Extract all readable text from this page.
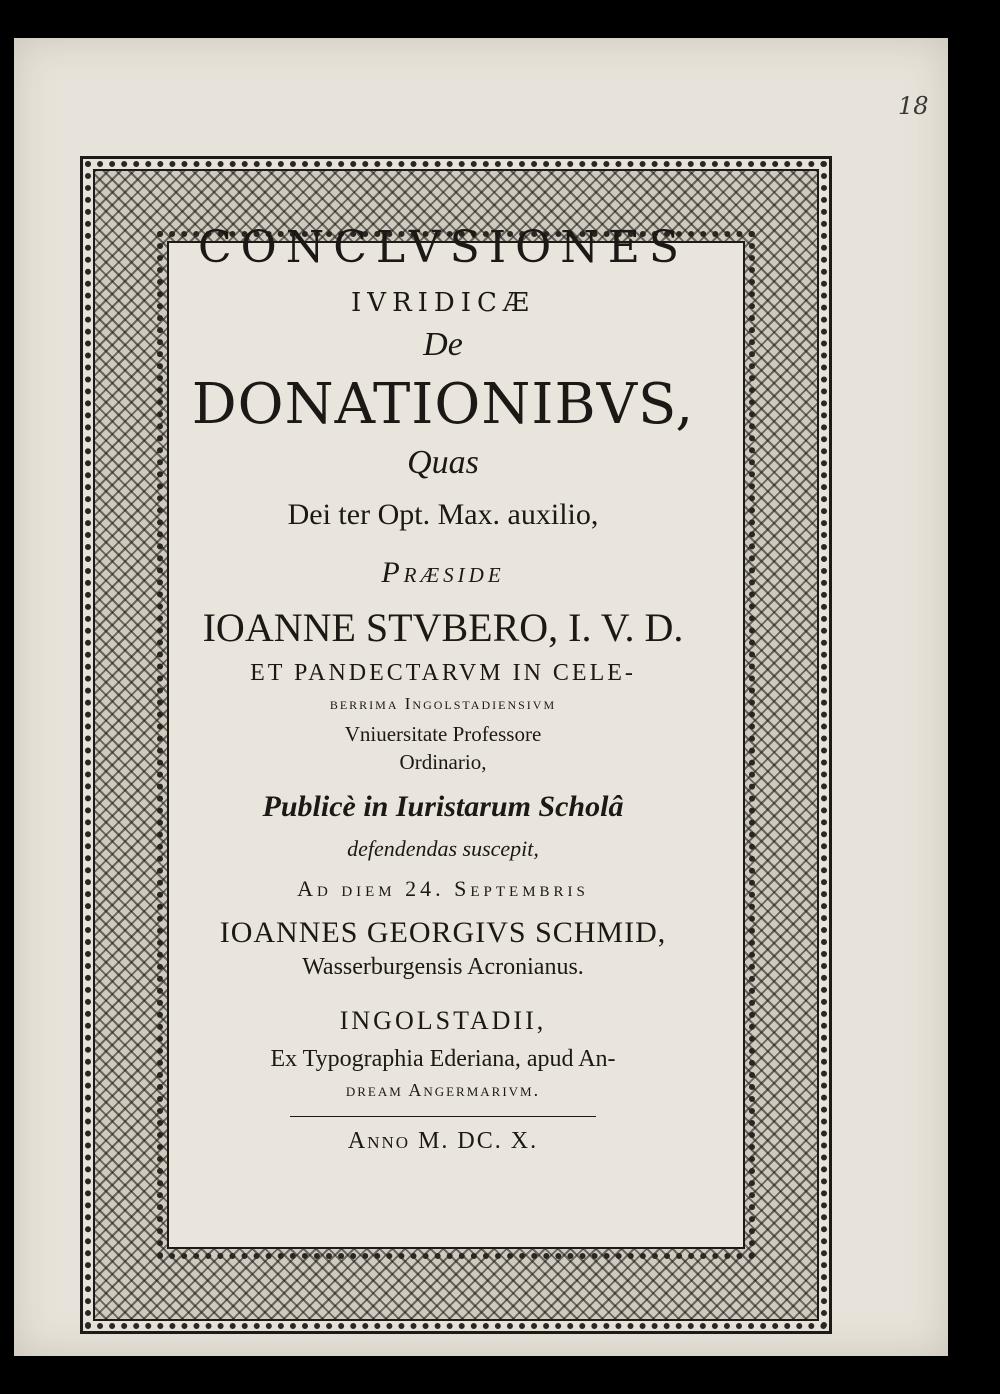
18
CONCLVSIONES
IVRIDICÆ
De
DONATIONIBVS,
Quas
Dei ter Opt. Max. auxilio,
Præside
IOANNE STVBERO, I. V. D.
ET PANDECTARVM IN CELE-
berrima Ingolstadiensivm
Vniuersitate Professore
Ordinario,
Publicè in Iuristarum Scholâ
defendendas suscepit,
Ad diem 24. Septembris
IOANNES GEORGIVS SCHMID,
Wasserburgensis Acronianus.
INGOLSTADII,
Ex Typographia Ederiana, apud An-
dream Angermarivm.
Anno M. DC. X.
